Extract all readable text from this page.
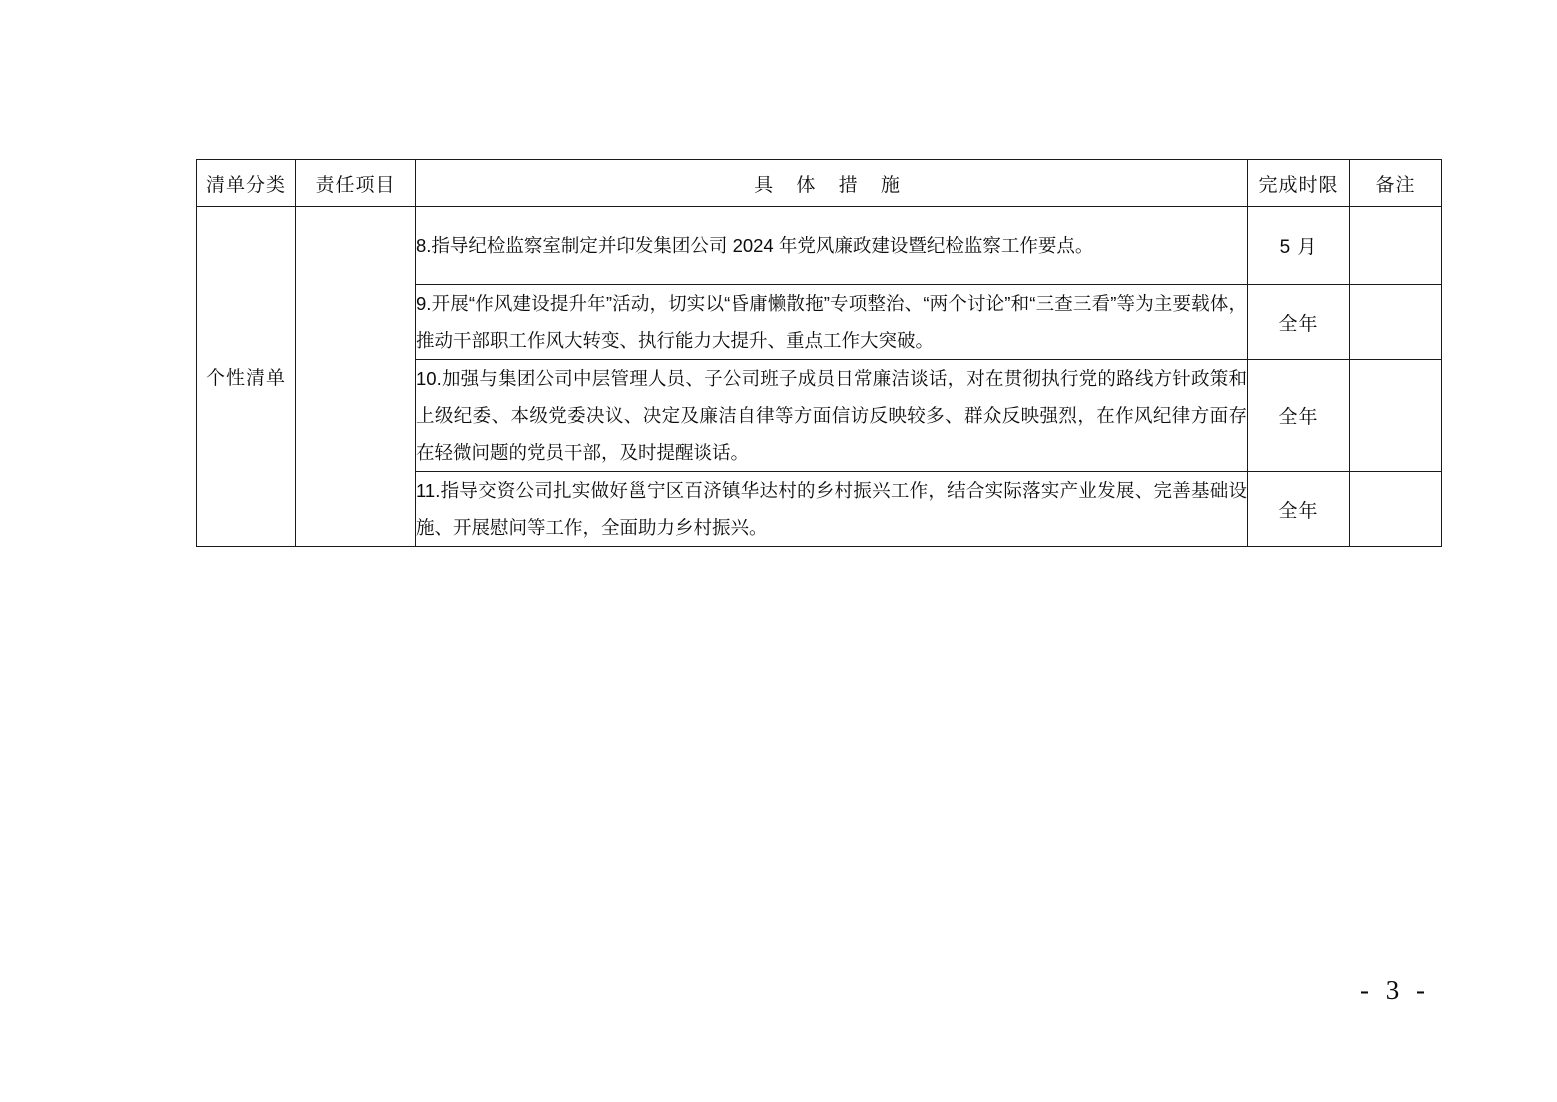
清单分类	责任项目	具 体 措 施	完成时限	备注
个性清单		8.指导纪检监察室制定并印发集团公司 2024 年党风廉政建设暨纪检监察工作要点。	5 月	
		9.开展“作风建设提升年”活动，切实以“昏庸懒散拖”专项整治、“两个讨论”和“三查三看”等为主要载体，推动干部职工作风大转变、执行能力大提升、重点工作大突破。	全年	
		10.加强与集团公司中层管理人员、子公司班子成员日常廉洁谈话，对在贯彻执行党的路线方针政策和上级纪委、本级党委决议、决定及廉洁自律等方面信访反映较多、群众反映强烈，在作风纪律方面存在轻微问题的党员干部，及时提醒谈话。	全年	
		11.指导交资公司扎实做好邕宁区百济镇华达村的乡村振兴工作，结合实际落实产业发展、完善基础设施、开展慰问等工作，全面助力乡村振兴。	全年	
- 3 -
